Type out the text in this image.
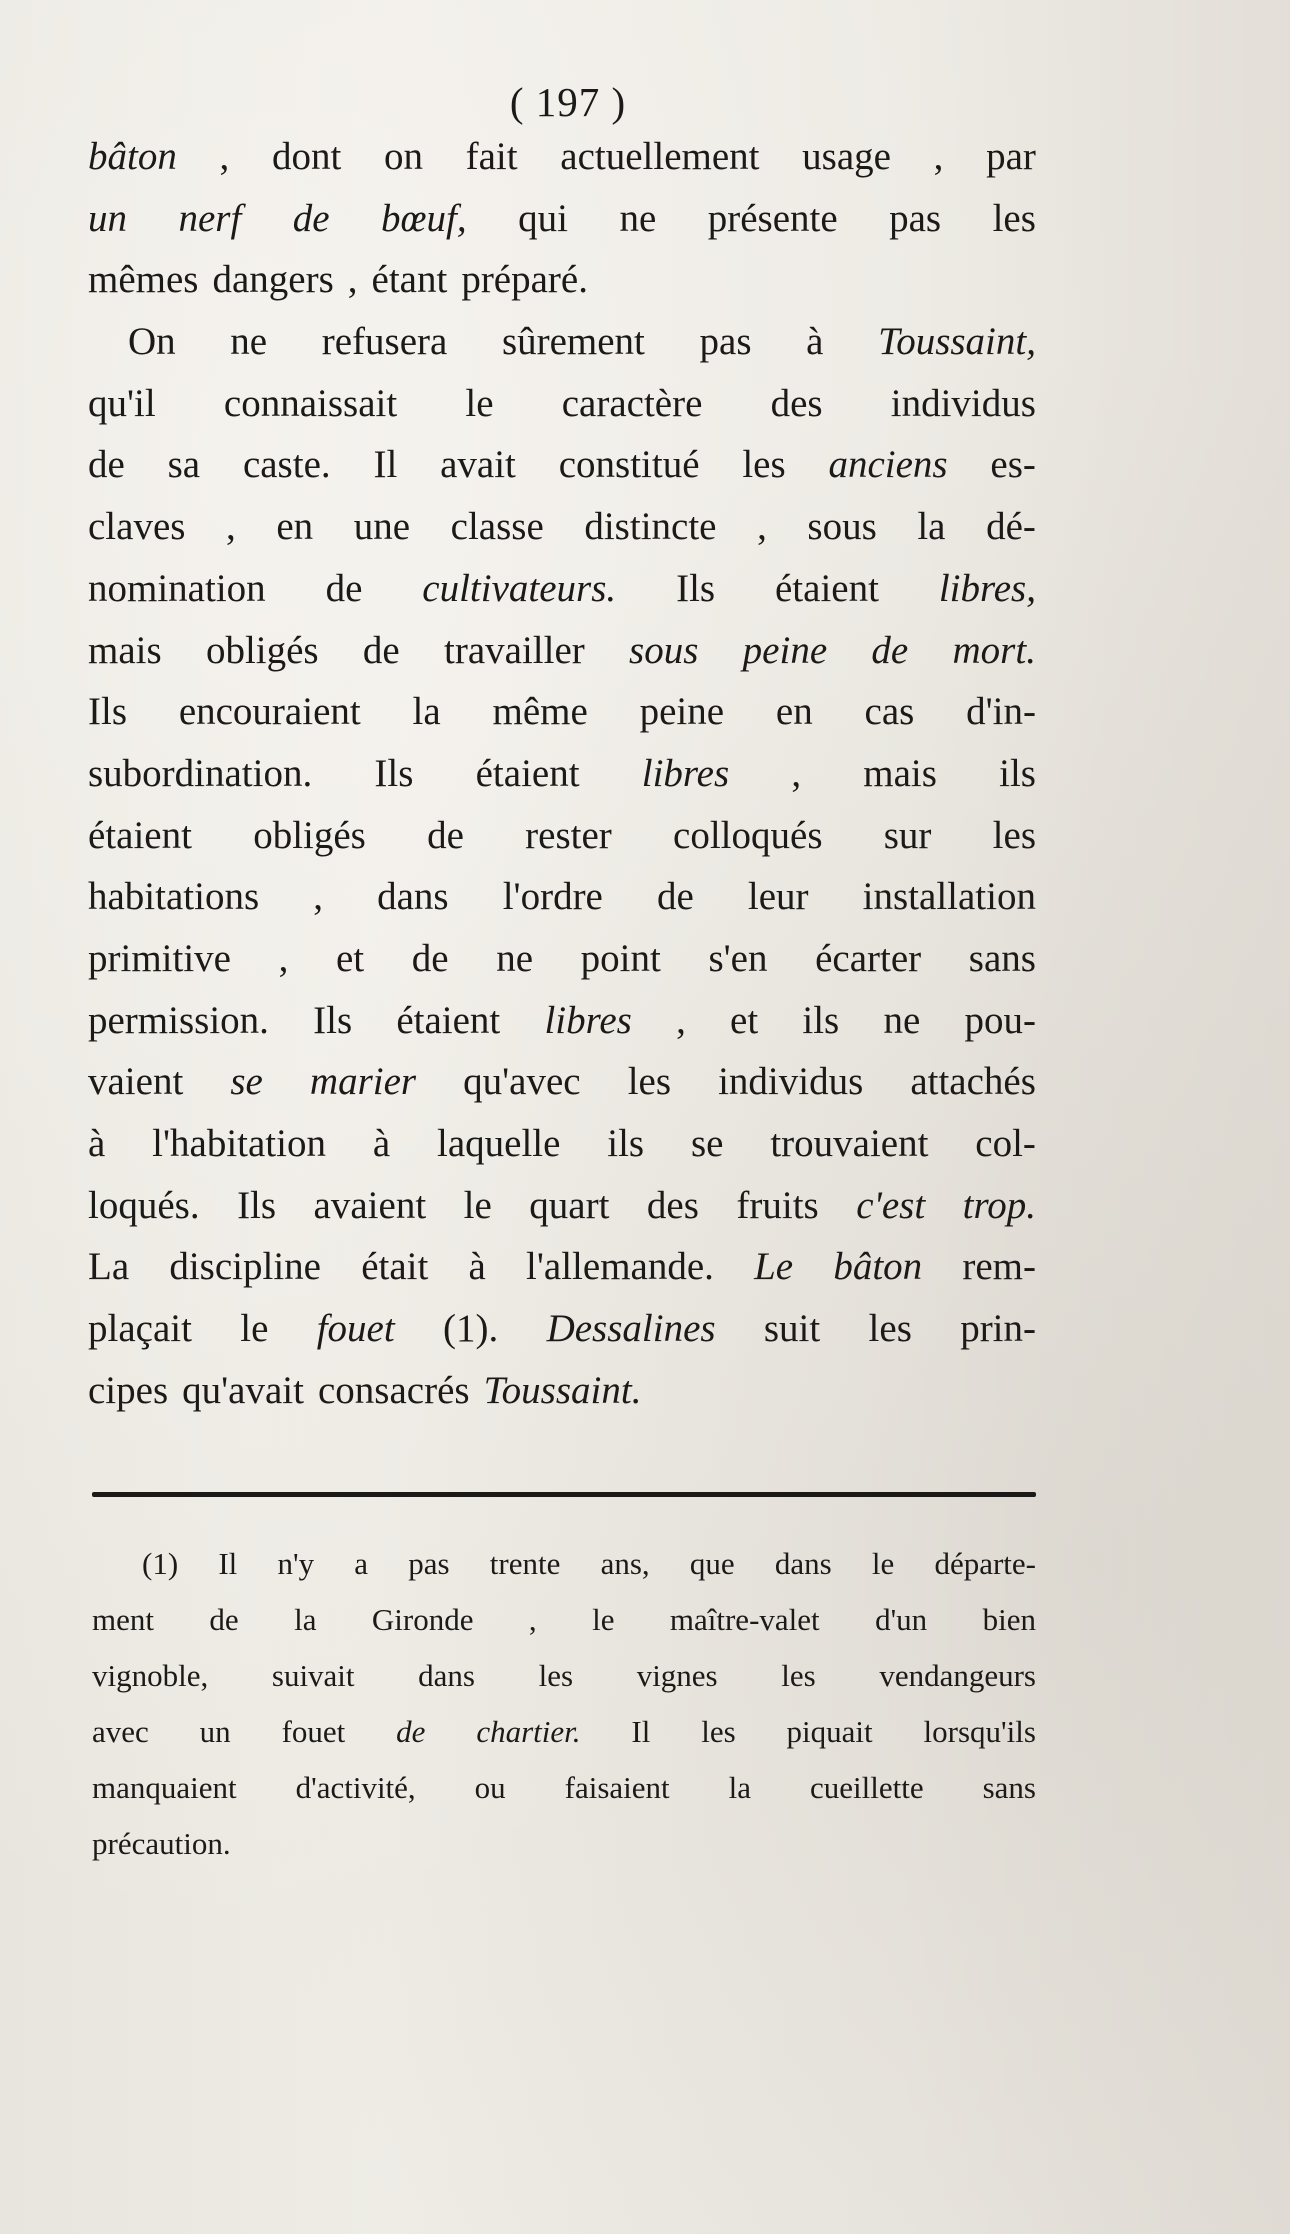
( 197 )
bâton , dont on fait actuellement usage , par
un nerf de bœuf, qui ne présente pas les
mêmes dangers , étant préparé.
On ne refusera sûrement pas à Toussaint,
qu'il connaissait le caractère des individus
de sa caste. Il avait constitué les anciens es-
claves , en une classe distincte , sous la dé-
nomination de cultivateurs. Ils étaient libres,
mais obligés de travailler sous peine de mort.
Ils encouraient la même peine en cas d'in-
subordination. Ils étaient libres , mais ils
étaient obligés de rester colloqués sur les
habitations , dans l'ordre de leur installation
primitive , et de ne point s'en écarter sans
permission. Ils étaient libres , et ils ne pou-
vaient se marier qu'avec les individus attachés
à l'habitation à laquelle ils se trouvaient col-
loqués. Ils avaient le quart des fruits c'est trop.
La discipline était à l'allemande. Le bâton rem-
plaçait le fouet (1). Dessalines suit les prin-
cipes qu'avait consacrés Toussaint.
(1) Il n'y a pas trente ans, que dans le départe-
ment de la Gironde , le maître-valet d'un bien
vignoble, suivait dans les vignes les vendangeurs
avec un fouet de chartier. Il les piquait lorsqu'ils
manquaient d'activité, ou faisaient la cueillette sans
précaution.
